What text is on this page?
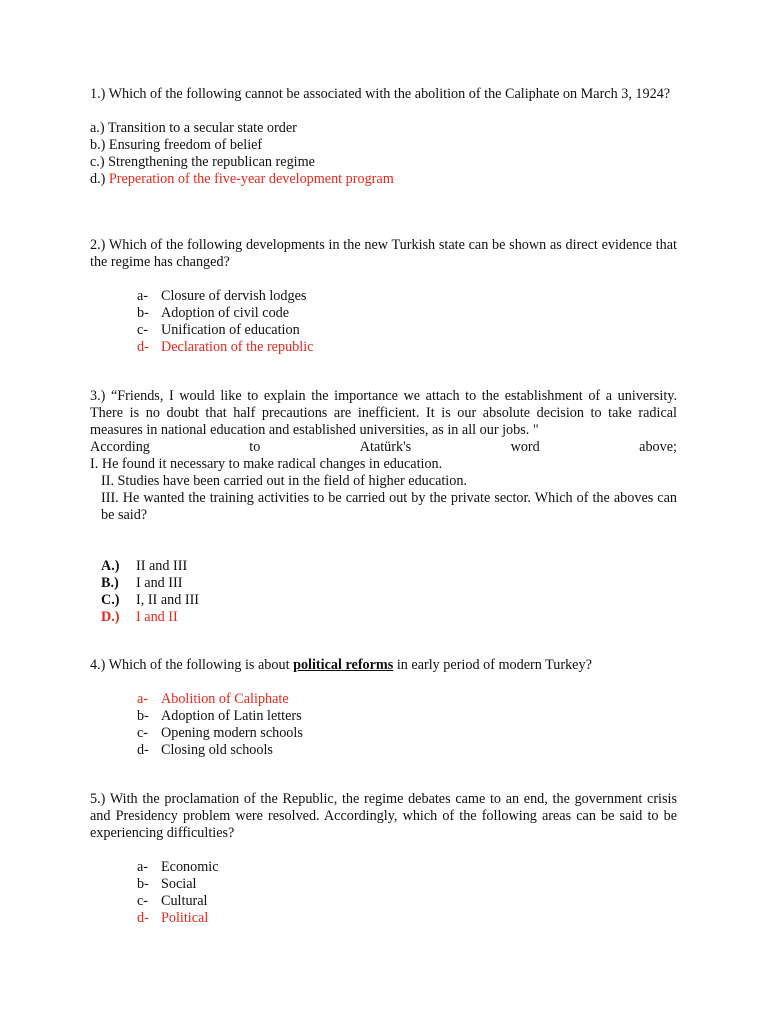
1.) Which of the following cannot be associated with the abolition of the Caliphate on March 3, 1924?

a.) Transition to a secular state order
b.) Ensuring freedom of belief
c.) Strengthening the republican regime
d.) Preperation of the five-year development program

2.) Which of the following developments in the new Turkish state can be shown as direct evidence that the regime has changed?

a- Closure of dervish lodges
b- Adoption of civil code
c- Unification of education
d- Declaration of the republic

3.) “Friends, I would like to explain the importance we attach to the establishment of a university. There is no doubt that half precautions are inefficient. It is our absolute decision to take radical measures in national education and established universities, as in all our jobs. "

According	to	Atatürk's	word	above;
I. He found it necessary to make radical changes in education.
II. Studies have been carried out in the field of higher education.
III. He wanted the training activities to be carried out by the private sector. Which of the aboves can be said?
A.) II and III
B.) I and III
C.) I, II and III
D.) I and II

4.) Which of the following is about political reforms in early period of modern Turkey?

a- Abolition of Caliphate
b- Adoption of Latin letters
c- Opening modern schools
d- Closing old schools

5.) With the proclamation of the Republic, the regime debates came to an end, the government crisis and Presidency problem were resolved. Accordingly, which of the following areas can be said to be experiencing difficulties?

a- Economic
b- Social
c- Cultural
d- Political
